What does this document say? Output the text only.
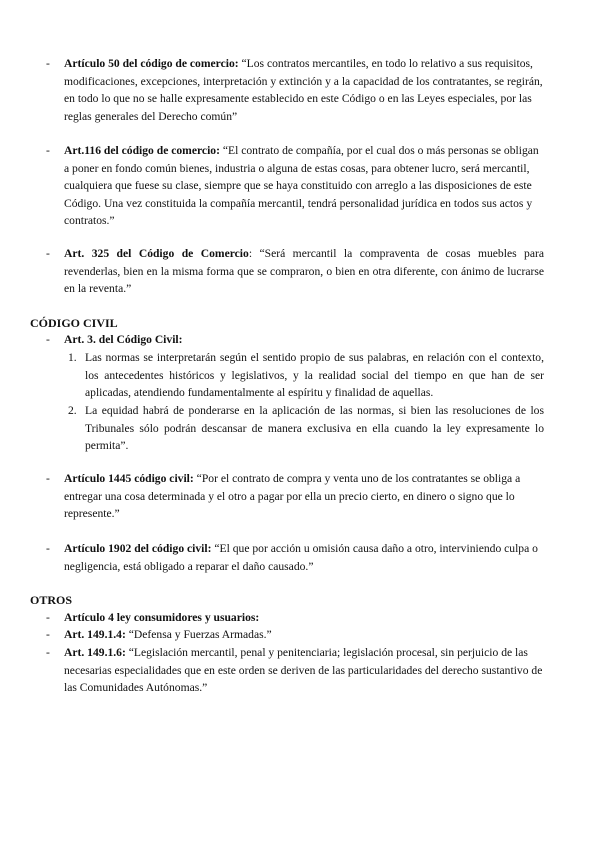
- Artículo 50 del código de comercio: “Los contratos mercantiles, en todo lo relativo a sus requisitos, modificaciones, excepciones, interpretación y extinción y a la capacidad de los contratantes, se regirán, en todo lo que no se halle expresamente establecido en este Código o en las Leyes especiales, por las reglas generales del Derecho común”
- Art.116 del código de comercio: “El contrato de compañía, por el cual dos o más personas se obligan a poner en fondo común bienes, industria o alguna de estas cosas, para obtener lucro, será mercantil, cualquiera que fuese su clase, siempre que se haya constituido con arreglo a las disposiciones de este Código. Una vez constituida la compañía mercantil, tendrá personalidad jurídica en todos sus actos y contratos.”
- Art. 325 del Código de Comercio: “Será mercantil la compraventa de cosas muebles para revenderlas, bien en la misma forma que se compraron, o bien en otra diferente, con ánimo de lucrarse en la reventa.”
CÓDIGO CIVIL
- Art. 3. del Código Civil:
1. Las normas se interpretarán según el sentido propio de sus palabras, en relación con el contexto, los antecedentes históricos y legislativos, y la realidad social del tiempo en que han de ser aplicadas, atendiendo fundamentalmente al espíritu y finalidad de aquellas.
2. La equidad habrá de ponderarse en la aplicación de las normas, si bien las resoluciones de los Tribunales sólo podrán descansar de manera exclusiva en ella cuando la ley expresamente lo permita”.
- Artículo 1445 código civil: “Por el contrato de compra y venta uno de los contratantes se obliga a entregar una cosa determinada y el otro a pagar por ella un precio cierto, en dinero o signo que lo represente.”
- Artículo 1902 del código civil: “El que por acción u omisión causa daño a otro, interviniendo culpa o negligencia, está obligado a reparar el daño causado.”
OTROS
- Artículo 4 ley consumidores y usuarios:
- Art. 149.1.4: “Defensa y Fuerzas Armadas.”
- Art. 149.1.6: “Legislación mercantil, penal y penitenciaria; legislación procesal, sin perjuicio de las necesarias especialidades que en este orden se deriven de las particularidades del derecho sustantivo de las Comunidades Autónomas.”
